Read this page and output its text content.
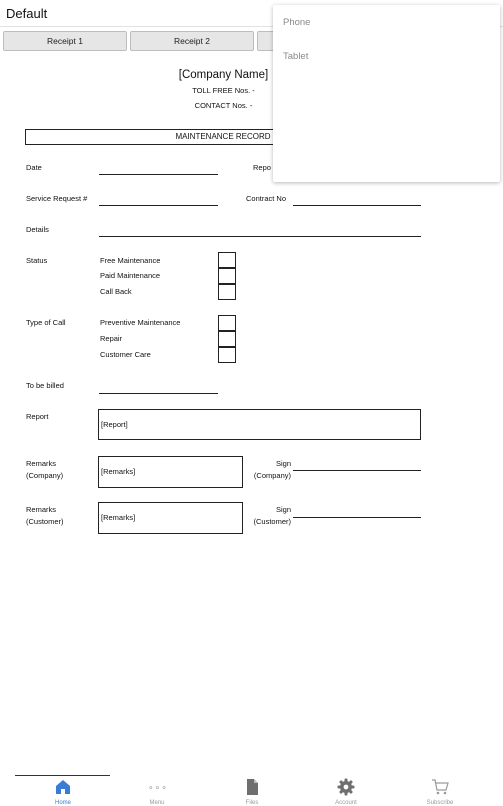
Default
Receipt 1	Receipt 2
[Company Name]
TOLL FREE Nos. -
CONTACT Nos. -
MAINTENANCE RECORD
Date	Repo
Service Request #	Contract No
Details
Status	Free Maintenance
Paid Maintenance
Call Back
Type of Call	Preventive Maintenance
Repair
Customer Care
To be billed
Report
[Report]
Remarks
(Company)	[Remarks]
Sign
(Company)
Remarks
(Customer)	[Remarks]
Sign
(Customer)
Phone
Tablet
Home
∘∘∘
Menu	Files	Account	Subscribe
